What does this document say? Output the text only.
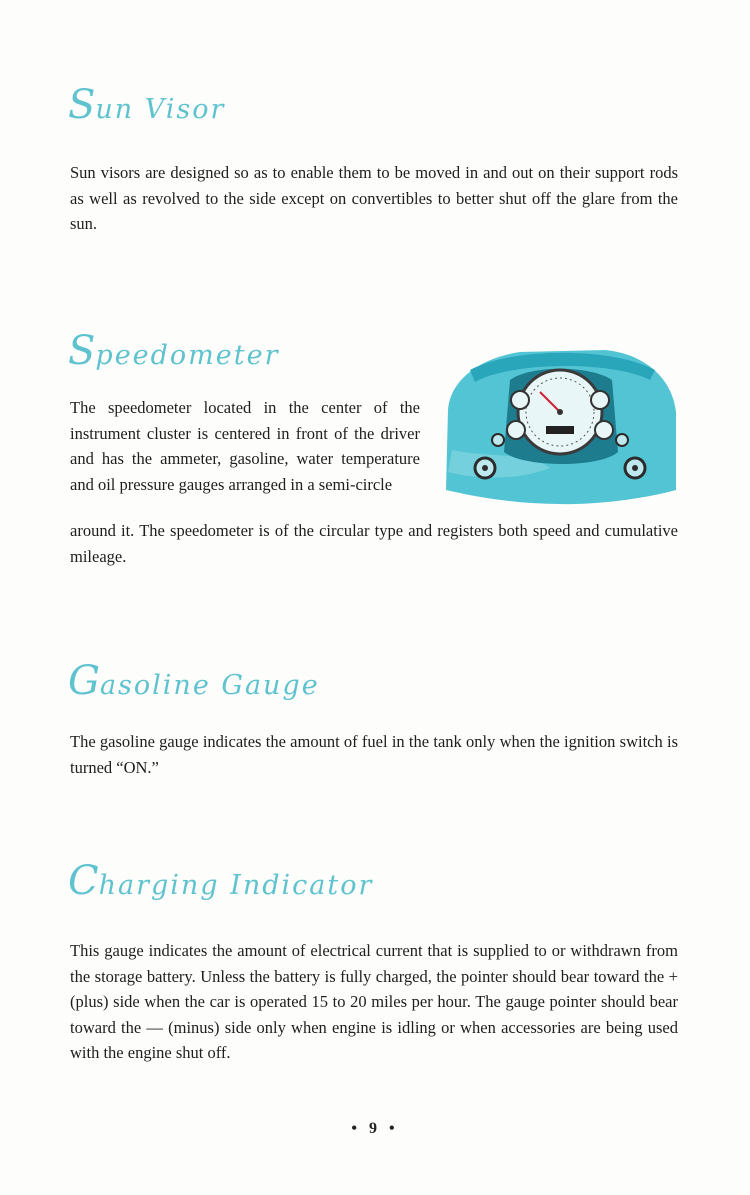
Sun Visor

Sun visors are designed so as to enable them to be moved in and out on their support rods as well as revolved to the side except on convertibles to better shut off the glare from the sun.

Speedometer

The speedometer located in the center of the instrument cluster is centered in front of the driver and has the ammeter, gasoline, water temperature and oil pressure gauges arranged in a semi-circle

around it. The speedometer is of the circular type and registers both speed and cumulative mileage.

Gasoline Gauge

The gasoline gauge indicates the amount of fuel in the tank only when the ignition switch is turned “ON.”

Charging Indicator

This gauge indicates the amount of electrical current that is supplied to or withdrawn from the storage battery. Unless the battery is fully charged, the pointer should bear toward the + (plus) side when the car is operated 15 to 20 miles per hour. The gauge pointer should bear toward the — (minus) side only when engine is idling or when accessories are being used with the engine shut off.

• 9 •
